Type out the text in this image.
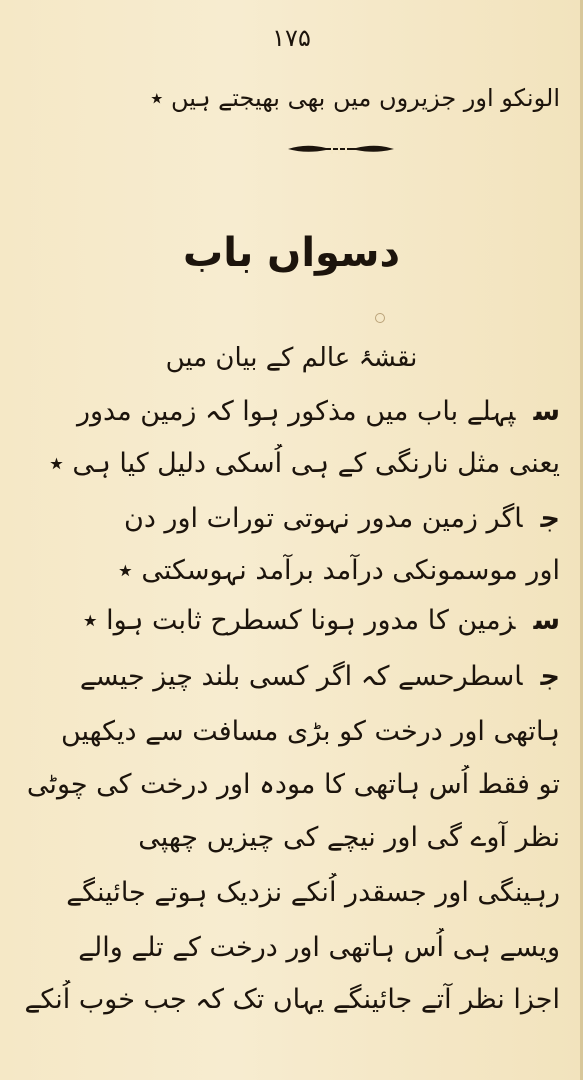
۱۷۵
الونکو اور جزیروں میں بھی بھیجتے ہیں ٭
دسواں باب
نقشۂ عالم کے بیان میں
سپہلے باب میں مذکور ہوا کہ زمین مدور
یعنی مثل نارنگی کے ہی اُسکی دلیل کیا ہی ٭
جاگر زمین مدور نہوتی تورات اور دن
اور موسمونکی درآمد برآمد نہوسکتی ٭
سزمین کا مدور ہونا کسطرح ثابت ہوا ٭
جاسطرحسے کہ اگر کسی بلند چیز جیسے
ہاتھی اور درخت کو بڑی مسافت سے دیکھیں
تو فقط اُس ہاتھی کا مودہ اور درخت کی چوٹی
نظر آوے گی اور نیچے کی چیزیں چھپی
رہینگی اور جسقدر اُنکے نزدیک ہوتے جائینگے
ویسے ہی اُس ہاتھی اور درخت کے تلے والے
اجزا نظر آتے جائینگے یہاں تک کہ جب خوب اُنکے
